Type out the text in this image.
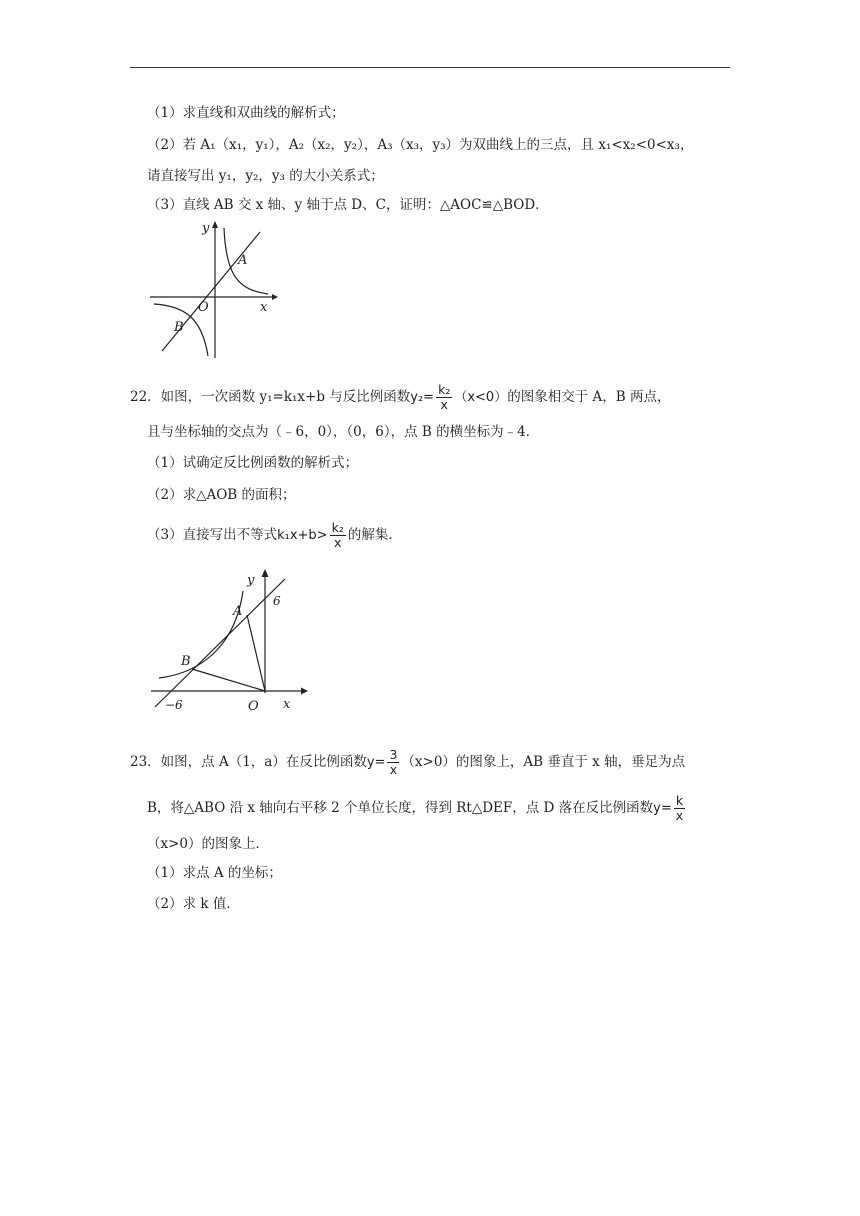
（1）求直线和双曲线的解析式；
（2）若 A₁（x₁，y₁），A₂（x₂，y₂），A₃（x₃，y₃）为双曲线上的三点，且 x₁<x₂<0<x₃，
请直接写出 y₁，y₂，y₃ 的大小关系式；
（3）直线 AB 交 x 轴、y 轴于点 D、C，证明：△AOC≌△BOD．
y
x
O
A
B
22．如图，一次函数 y₁=k₁x+b 与反比例函数$y_2= \frac{\text{k₂}}{x} (x<0)$的图象相交于 A，B 两点，
且与坐标轴的交点为（﹣6，0），（0，6），点 B 的横坐标为﹣4．
（1）试确定反比例函数的解析式；
（2）求△AOB 的面积；
（3）直接写出不等式$k_1x+b> \frac{\text{k₂}}{x}$ 的解集．
y
x
O
A
B
6
−6
23．如图，点 A（1，a）在反比例函数$y= \frac{3}{x} (x>0)$的图象上，AB 垂直于 x 轴，垂足为点
B，将△ABO 沿 x 轴向右平移 2 个单位长度，得到 Rt△DEF，点 D 落在反比例函数$y= \frac{k}{x}$
（x>0）的图象上．
（1）求点 A 的坐标；
（2）求 k 值．
